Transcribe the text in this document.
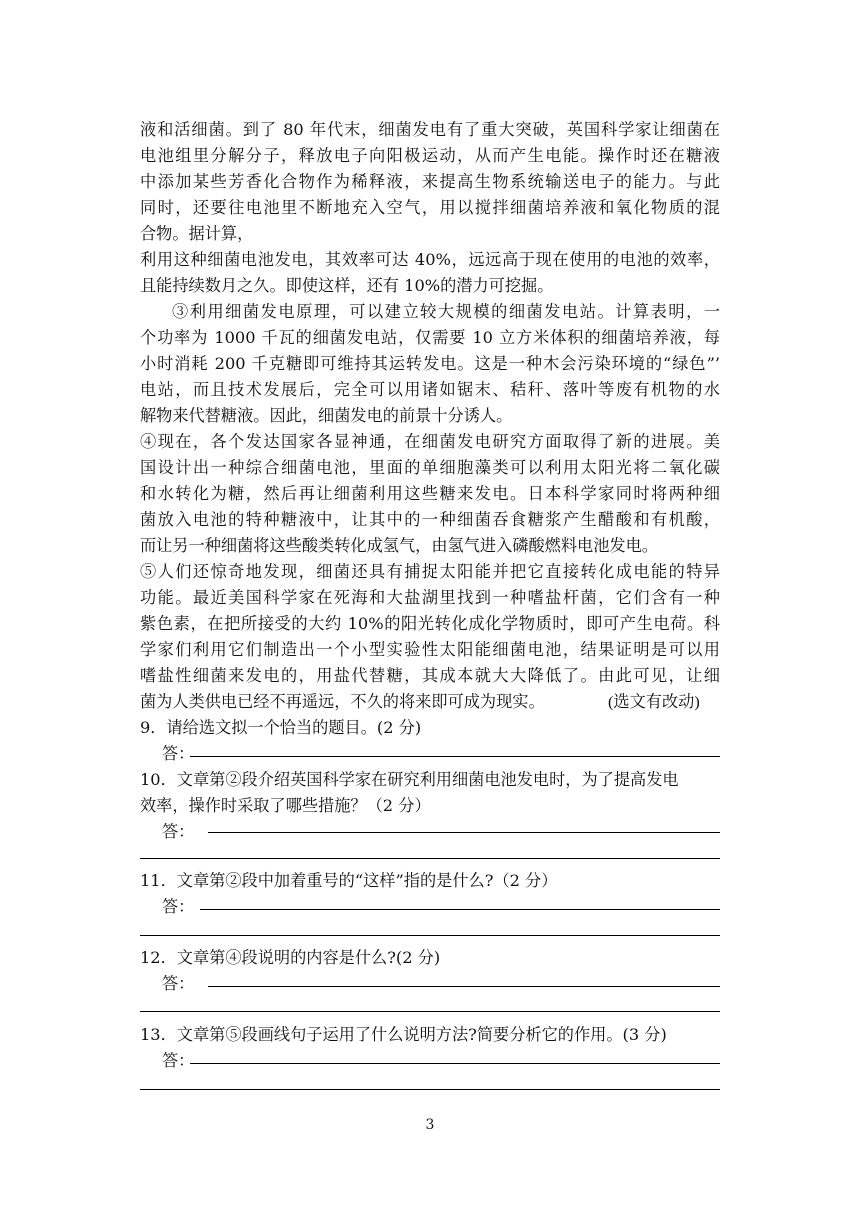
液和活细菌。到了 80 年代末，细菌发电有了重大突破，英国科学家让细菌在
电池组里分解分子，释放电子向阳极运动，从而产生电能。操作时还在糖液
中添加某些芳香化合物作为稀释液，来提高生物系统输送电子的能力。与此
同时，还要往电池里不断地充入空气，用以搅拌细菌培养液和氧化物质的混
合物。据计算，
利用这种细菌电池发电，其效率可达 40%，远远高于现在使用的电池的效率，
且能持续数月之久。即使这样，还有 10%的潜力可挖掘。
③利用细菌发电原理，可以建立较大规模的细菌发电站。计算表明，一
个功率为 1000 千瓦的细菌发电站，仅需要 10 立方米体积的细菌培养液，每
小时消耗 200 千克糖即可维持其运转发电。这是一种木会污染环境的“绿色”’
电站，而且技术发展后，完全可以用诸如锯末、秸秆、落叶等废有机物的水
解物来代替糖液。因此，细菌发电的前景十分诱人。
④现在，各个发达国家各显神通，在细菌发电研究方面取得了新的进展。美
国设计出一种综合细菌电池，里面的单细胞藻类可以利用太阳光将二氧化碳
和水转化为糖，然后再让细菌利用这些糖来发电。日本科学家同时将两种细
菌放入电池的特种糖液中，让其中的一种细菌吞食糖浆产生醋酸和有机酸，
而让另一种细菌将这些酸类转化成氢气，由氢气进入磷酸燃料电池发电。
⑤人们还惊奇地发现，细菌还具有捕捉太阳能并把它直接转化成电能的特异
功能。最近美国科学家在死海和大盐湖里找到一种嗜盐杆菌，它们含有一种
紫色素，在把所接受的大约 10%的阳光转化成化学物质时，即可产生电荷。科
学家们利用它们制造出一个小型实验性太阳能细菌电池，结果证明是可以用
嗜盐性细菌来发电的，用盐代替糖，其成本就大大降低了。由此可见，让细
菌为人类供电已经不再遥远，不久的将来即可成为现实。	(选文有改动)
9．请给选文拟一个恰当的题目。(2 分)
答：
10．文章第②段介绍英国科学家在研究利用细菌电池发电时，为了提高发电
效率，操作时采取了哪些措施？（2 分）
答：
11．文章第②段中加着重号的“这样”指的是什么?（2 分）
答：
12．文章第④段说明的内容是什么?(2 分)
答：
13．文章第⑤段画线句子运用了什么说明方法?简要分析它的作用。(3 分)
答：
3
